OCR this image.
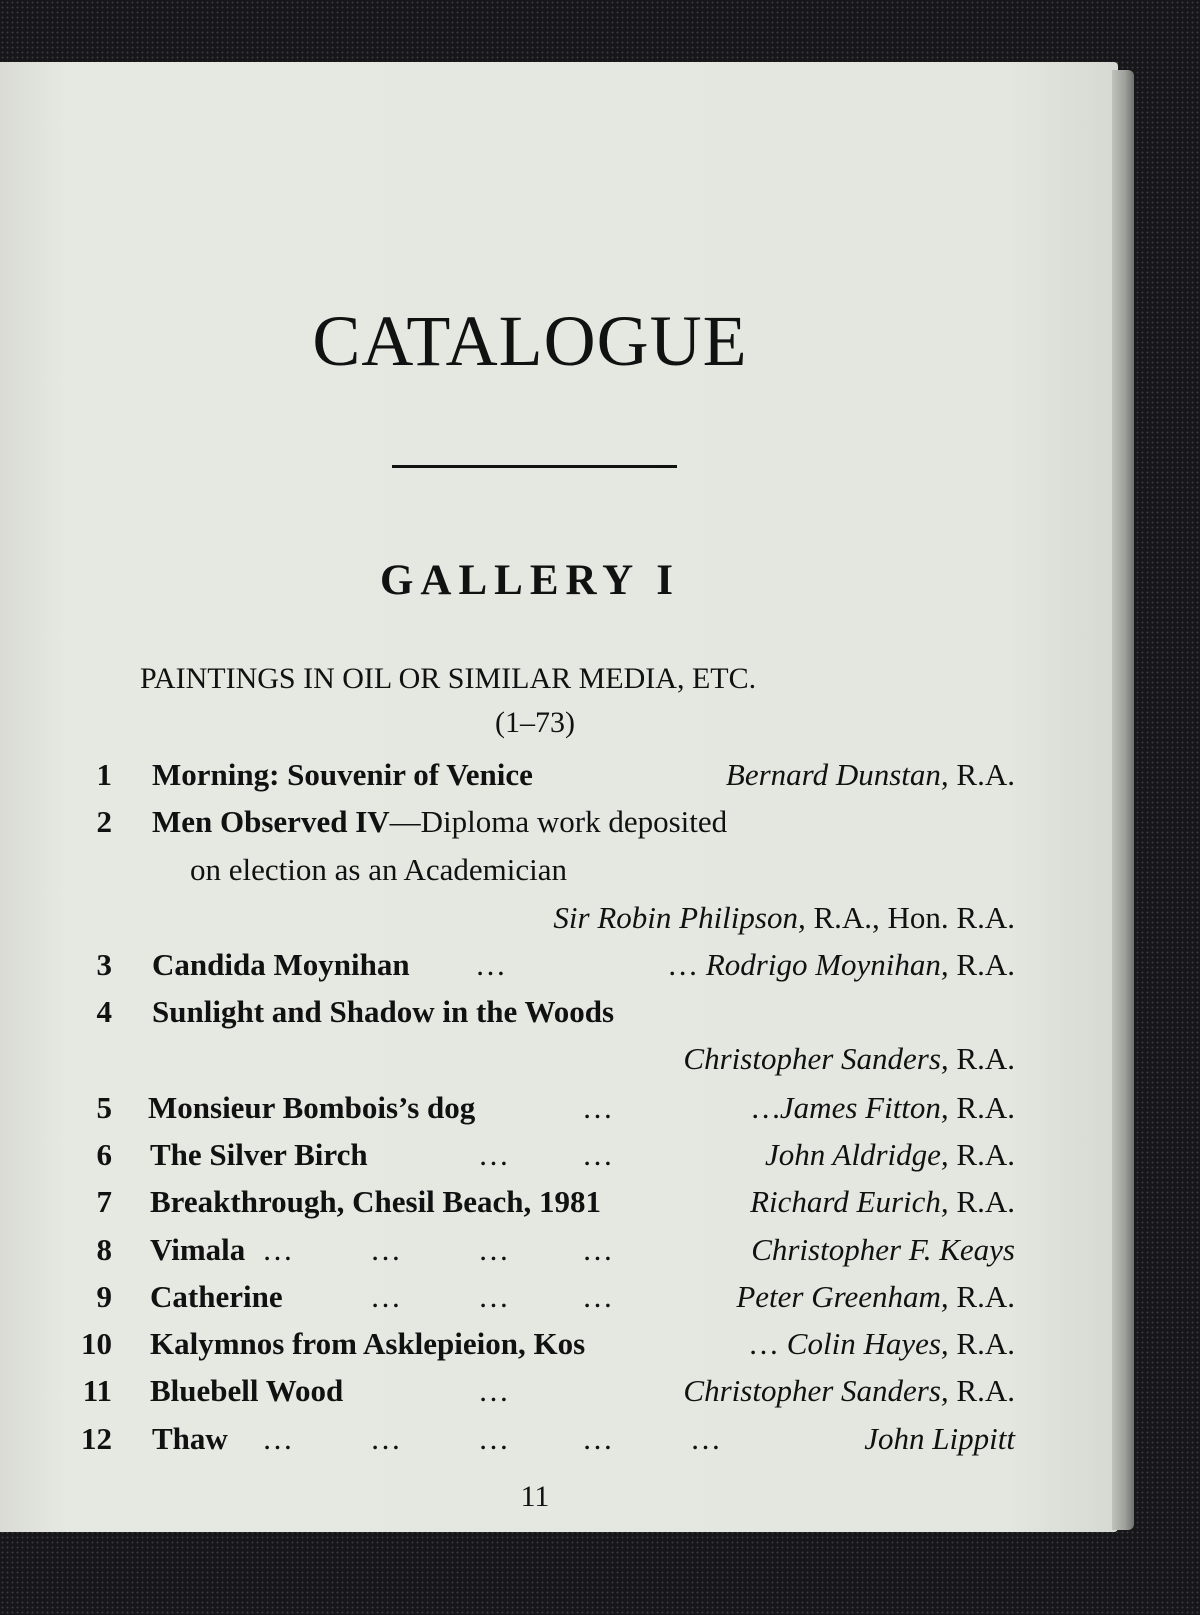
CATALOGUE
GALLERY I
PAINTINGS IN OIL OR SIMILAR MEDIA, ETC.
(1–73)
1 Morning: Souvenir of Venice	Bernard Dunstan, R.A.
2 Men Observed IV—Diploma work deposited
on election as an Academician
Sir Robin Philipson, R.A., Hon. R.A.
3 Candida Moynihan …	… Rodrigo Moynihan, R.A.
4 Sunlight and Shadow in the Woods
Christopher Sanders, R.A.
5 Monsieur Bombois’s dog	…	…James Fitton, R.A.
6 The Silver Birch	… …	John Aldridge, R.A.
7 Breakthrough, Chesil Beach, 1981	Richard Eurich, R.A.
8 Vimala … … … …	Christopher F. Keays
9 Catherine	… … …	Peter Greenham, R.A.
10 Kalymnos from Asklepieion, Kos	… Colin Hayes, R.A.
11 Bluebell Wood	…	Christopher Sanders, R.A.
12 Thaw … … … … …	John Lippitt
11
